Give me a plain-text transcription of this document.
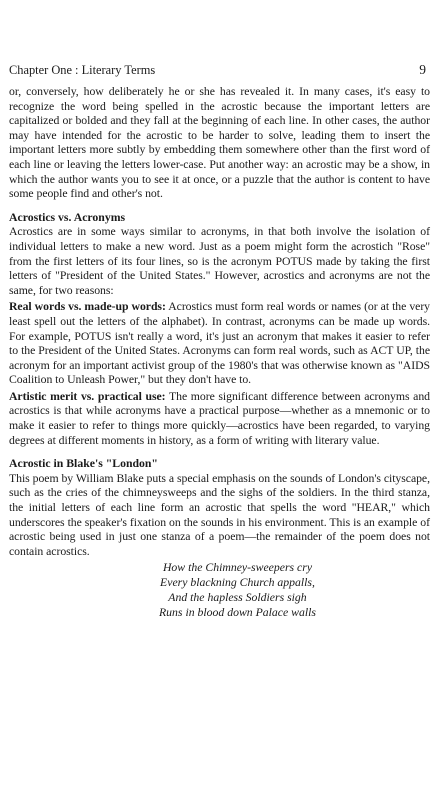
Chapter One : Literary Terms	9

or, conversely, how deliberately he or she has revealed it. In many cases, it's easy to recognize the word being spelled in the acrostic because the important letters are capitalized or bolded and they fall at the beginning of each line. In other cases, the author may have intended for the acrostic to be harder to solve, leading them to insert the important letters more subtly by embedding them somewhere other than the first word of each line or leaving the letters lower-case. Put another way: an acrostic may be a show, in which the author wants you to see it at once, or a puzzle that the author is content to have some people find and other's not.

Acrostics vs. Acronyms

Acrostics are in some ways similar to acronyms, in that both involve the isolation of individual letters to make a new word. Just as a poem might form the acrostich "Rose" from the first letters of its four lines, so is the acronym POTUS made by taking the first letters of "President of the United States." However, acrostics and acronyms are not the same, for two reasons:

Real words vs. made-up words: Acrostics must form real words or names (or at the very least spell out the letters of the alphabet). In contrast, acronyms can be made up words. For example, POTUS isn't really a word, it's just an acronym that makes it easier to refer to the President of the United States. Acronyms can form real words, such as ACT UP, the acronym for an important activist group of the 1980's that was otherwise known as "AIDS Coalition to Unleash Power," but they don't have to.

Artistic merit vs. practical use: The more significant difference between acronyms and acrostics is that while acronyms have a practical purpose—whether as a mnemonic or to make it easier to refer to things more quickly—acrostics have been regarded, to varying degrees at different moments in history, as a form of writing with literary value.

Acrostic in Blake's "London"

This poem by William Blake puts a special emphasis on the sounds of London's cityscape, such as the cries of the chimneysweeps and the sighs of the soldiers. In the third stanza, the initial letters of each line form an acrostic that spells the word "HEAR," which underscores the speaker's fixation on the sounds in his environment. This is an example of acrostic being used in just one stanza of a poem—the remainder of the poem does not contain acrostics.

How the Chimney-sweepers cry
Every blackning Church appalls,
And the hapless Soldiers sigh
Runs in blood down Palace walls
